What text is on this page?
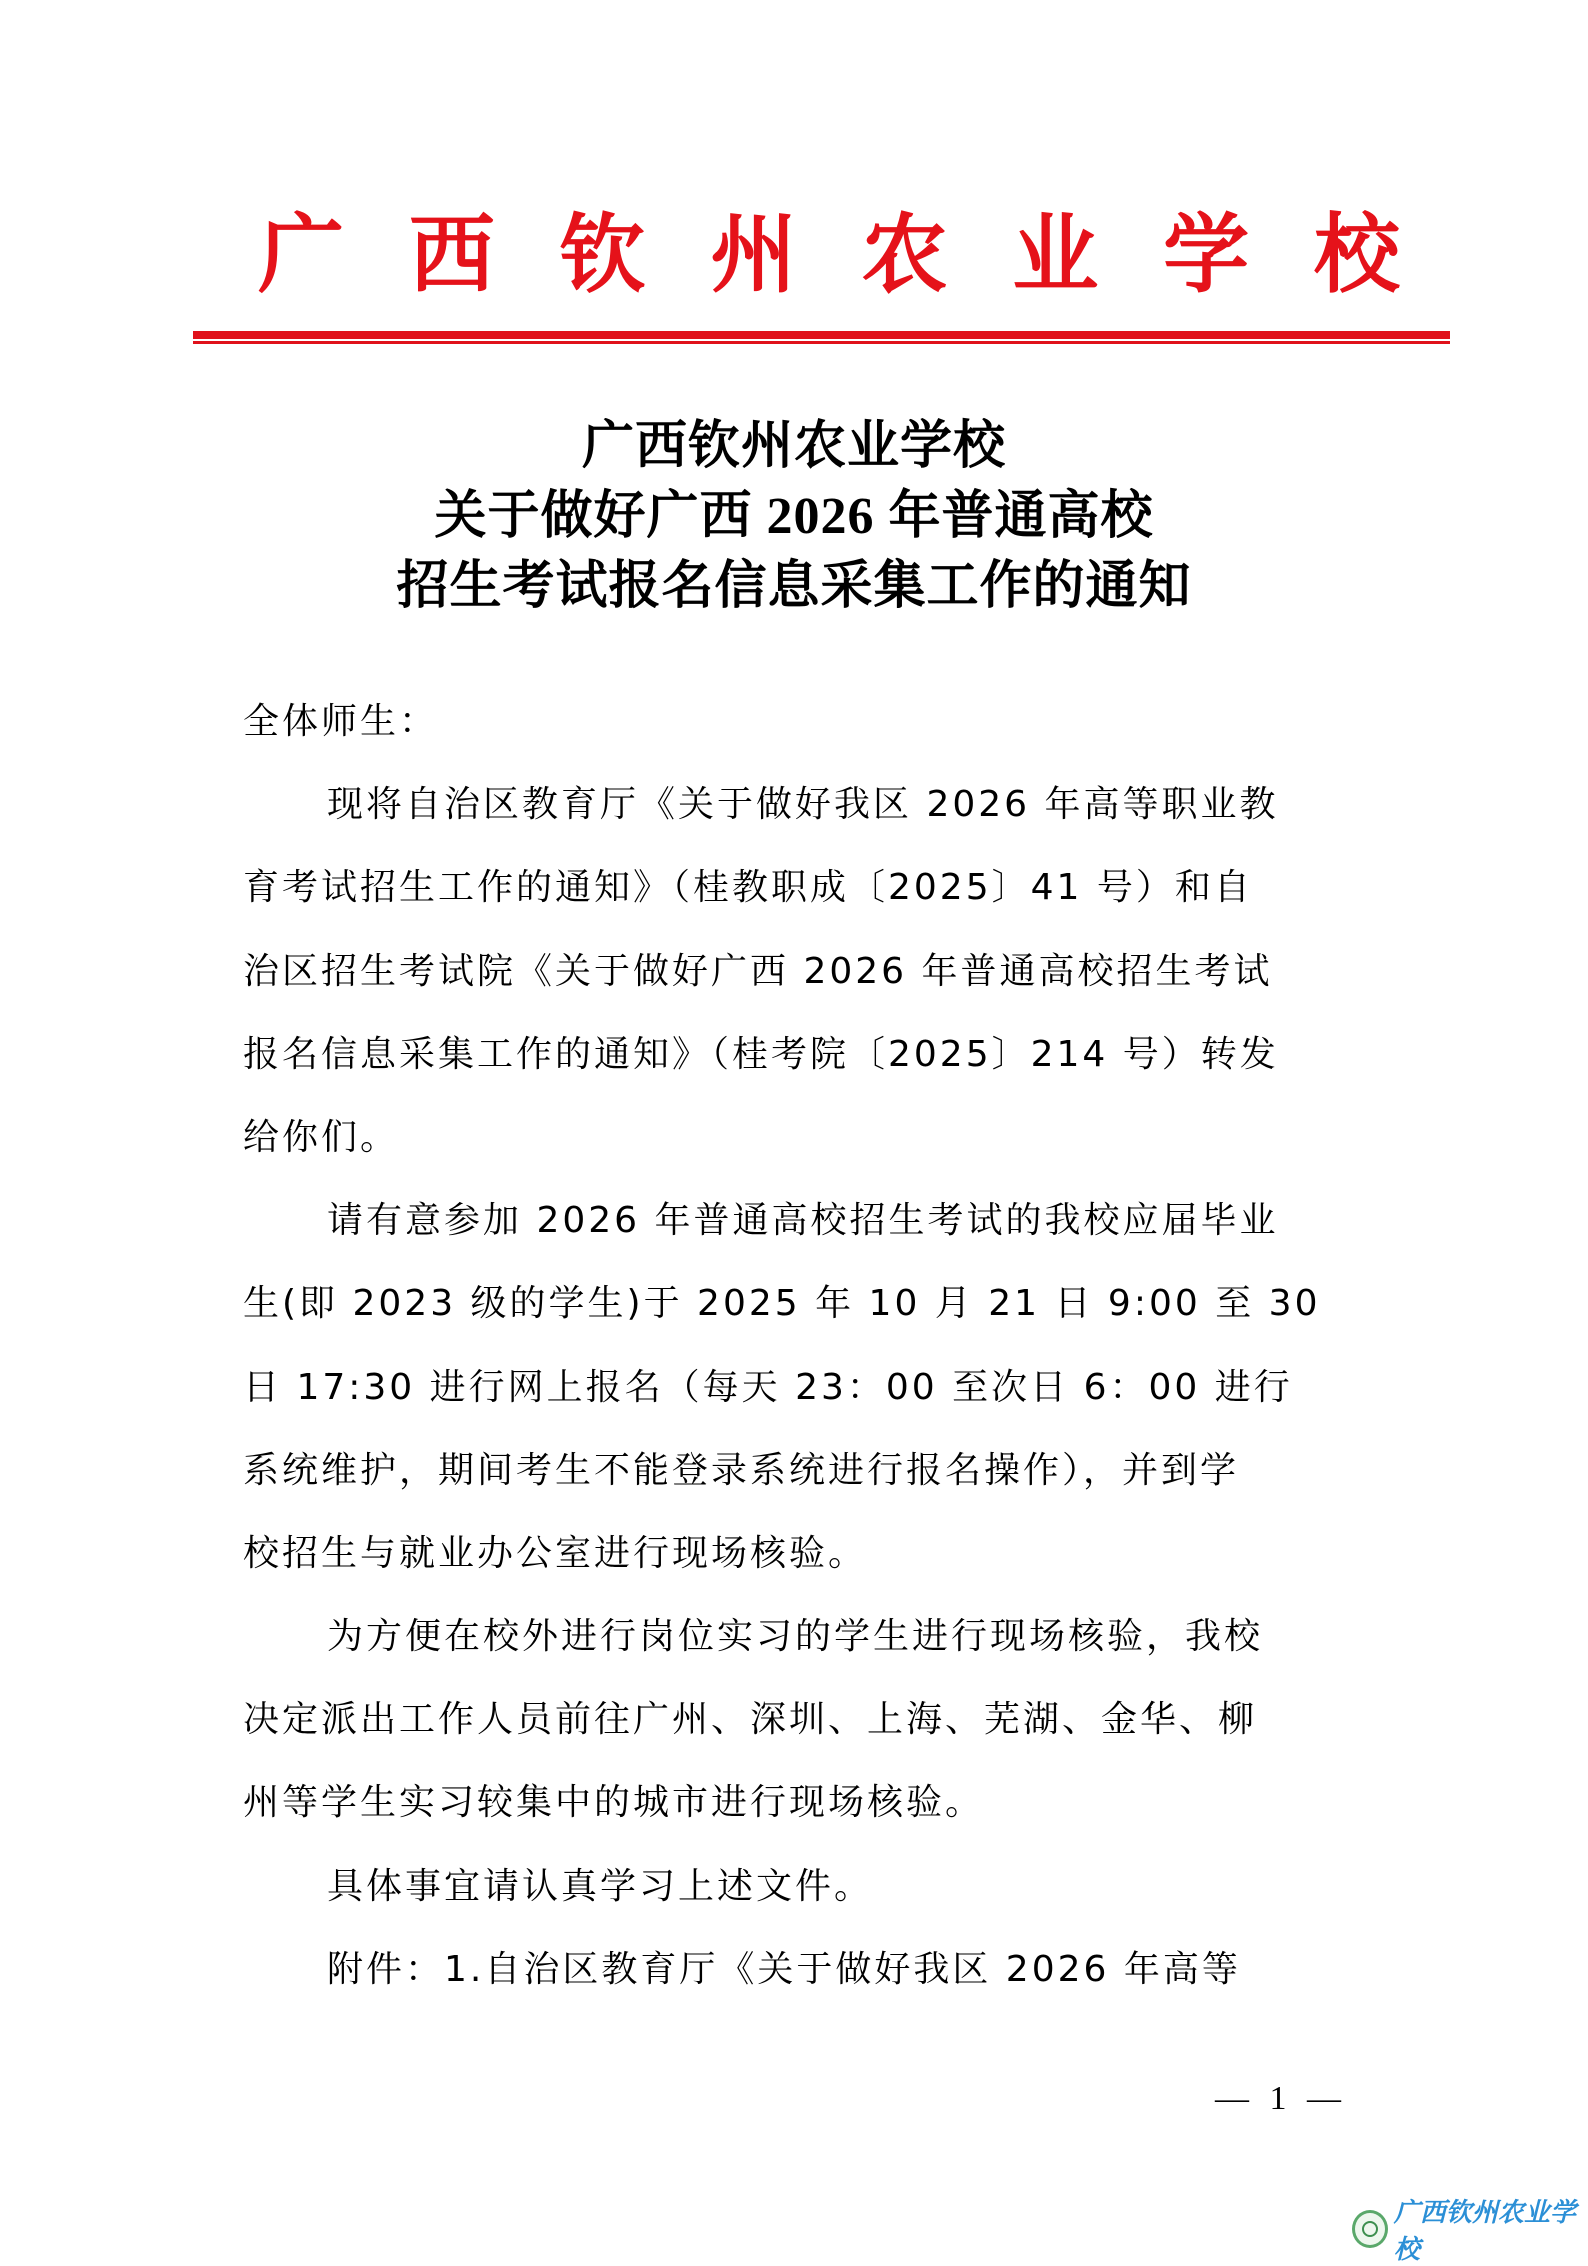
广 西 钦 州 农 业 学 校
广西钦州农业学校
关于做好广西 2026 年普通高校
招生考试报名信息采集工作的通知
全体师生：
现将自治区教育厅《关于做好我区 2026 年高等职业教
育考试招生工作的通知》（桂教职成〔2025〕41 号）和自
治区招生考试院《关于做好广西 2026 年普通高校招生考试
报名信息采集工作的通知》（桂考院〔2025〕214 号）转发
给你们。
请有意参加 2026 年普通高校招生考试的我校应届毕业
生(即 2023 级的学生)于 2025 年 10 月 21 日 9:00 至 30
日 17:30 进行网上报名（每天 23：00 至次日 6：00 进行
系统维护，期间考生不能登录系统进行报名操作），并到学
校招生与就业办公室进行现场核验。
为方便在校外进行岗位实习的学生进行现场核验，我校
决定派出工作人员前往广州、深圳、上海、芜湖、金华、柳
州等学生实习较集中的城市进行现场核验。
具体事宜请认真学习上述文件。
附件：1.自治区教育厅《关于做好我区 2026 年高等
— 1 —
广西钦州农业学校
